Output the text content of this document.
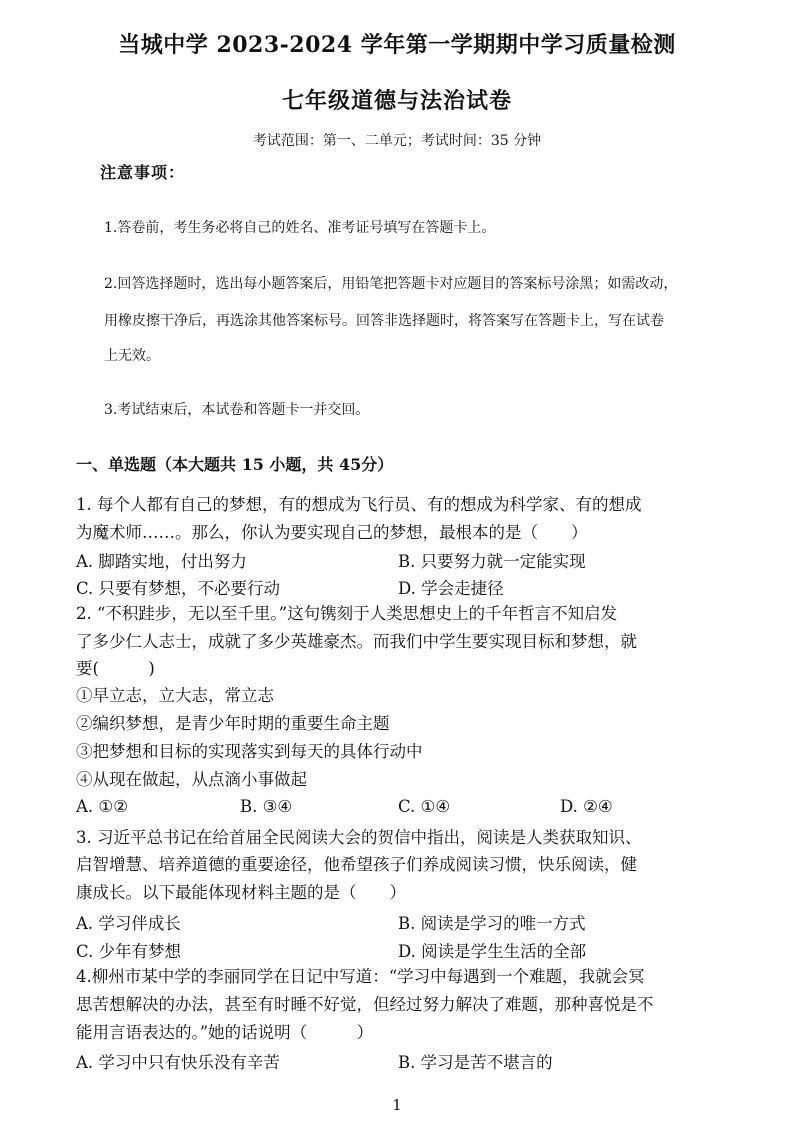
当城中学 2023-2024 学年第一学期期中学习质量检测
七年级道德与法治试卷
考试范围：第一、二单元；考试时间：35 分钟
注意事项：
1.答卷前，考生务必将自己的姓名、准考证号填写在答题卡上。
2.回答选择题时，选出每小题答案后，用铅笔把答题卡对应题目的答案标号涂黑；如需改动，
用橡皮擦干净后，再选涂其他答案标号。回答非选择题时，将答案写在答题卡上，写在试卷
上无效。
3.考试结束后，本试卷和答题卡一并交回。
一、单选题（本大题共 15 小题，共 45分）
1. 每个人都有自己的梦想，有的想成为飞行员、有的想成为科学家、有的想成
为魔术师……。那么，你认为要实现自己的梦想，最根本的是（　　）
A. 脚踏实地，付出努力	B. 只要努力就一定能实现
C. 只要有梦想，不必要行动	D. 学会走捷径
2. “不积跬步，无以至千里。”这句镌刻于人类思想史上的千年哲言不知启发
了多少仁人志士，成就了多少英雄豪杰。而我们中学生要实现目标和梦想，就
要(　　　)
①早立志，立大志，常立志
②编织梦想，是青少年时期的重要生命主题
③把梦想和目标的实现落实到每天的具体行动中
④从现在做起，从点滴小事做起
A. ①②	B. ③④	C. ①④	D. ②④
3. 习近平总书记在给首届全民阅读大会的贺信中指出，阅读是人类获取知识、
启智增慧、培养道德的重要途径，他希望孩子们养成阅读习惯，快乐阅读，健
康成长。以下最能体现材料主题的是（　　）
A. 学习伴成长	B. 阅读是学习的唯一方式
C. 少年有梦想	D. 阅读是学生生活的全部
4.柳州市某中学的李丽同学在日记中写道：“学习中每遇到一个难题，我就会冥
思苦想解决的办法，甚至有时睡不好觉，但经过努力解决了难题，那种喜悦是不
能用言语表达的。”她的话说明（　　　）
A. 学习中只有快乐没有辛苦	B. 学习是苦不堪言的
1
